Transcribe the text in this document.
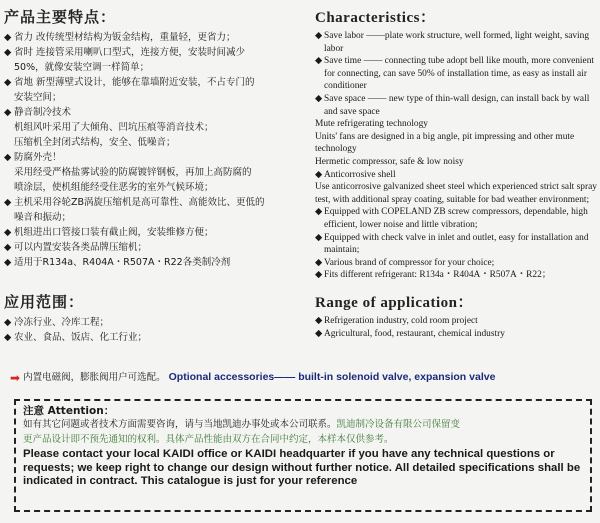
产品主要特点：
◆ 省力 改传统型材结构为钣金结构，重量轻，更省力；
◆ 省时 连接管采用喇叭口型式，连接方便，安装时间减少
50%，就像安装空调一样简单；
◆ 省地 新型薄壁式设计，能够在靠墙附近安装，不占专门的
安装空间；
◆ 静音制冷技术
机组风叶采用了大倾角、凹坑压痕等消音技术；
压缩机全封闭式结构，安全、低噪音；
◆ 防腐外壳！
采用经受严格盐雾试验的防腐镀锌钢板，再加上高防腐的
喷涂层，使机组能经受住恶劣的室外气候环境；
◆ 主机采用谷轮ZB涡旋压缩机是高可靠性、高能效比、更低的
噪音和振动；
◆ 机组进出口管接口装有截止阀，安装维修方便；
◆ 可以内置安装各类品牌压缩机；
◆ 适用于R134a、R404A・R507A・R22各类制冷剂
Characteristics：
◆ Save labor ——plate work structure, well formed, light weight, saving labor
◆ Save time —— connecting tube adopt bell like mouth, more convenient for connecting, can save 50% of installation time, as easy as install air conditioner
◆ Save space —— new type of thin-wall design, can install back by wall and save space
Mute refrigerating technology
Units' fans are designed in a big angle, pit impressing and other mute technology
Hermetic compressor, safe & low noisy
◆ Anticorrosive shell
Use anticorrosive galvanized sheet steel which experienced strict salt spray test, with additional spray coating, suitable for bad weather environment;
◆ Equipped with COPELAND ZB screw compressors, dependable, high efficient, lower noise and little vibration;
◆ Equipped with check valve in inlet and outlet, easy for installation and maintain;
◆ Various brand of compressor for your choice;
◆ Fits different refrigerant: R134a・R404A・R507A・R22；
应用范围：
◆ 冷冻行业、冷库工程；
◆ 农业、食品、饭店、化工行业；
Range of application：
◆ Refrigeration industry, cold room project
◆ Agricultural, food, restaurant, chemical industry
➡ 内置电磁阀，膨胀阀用户可选配。 Optional accessories—— built-in solenoid valve, expansion valve
注意 Attention：
如有其它问题或者技术方面需要咨询，请与当地凯迪办事处或本公司联系。凯迪制冷设备有限公司保留变
更产品设计即不预先通知的权利。具体产品性能由双方在合同中约定，本样本仅供参考。
Please contact your local KAIDI office or KAIDI headquarter if you have any technical questions or requests; we keep right to change our design without further notice. All detailed specifications shall be indicated in contract. This catalogue is just for your reference
